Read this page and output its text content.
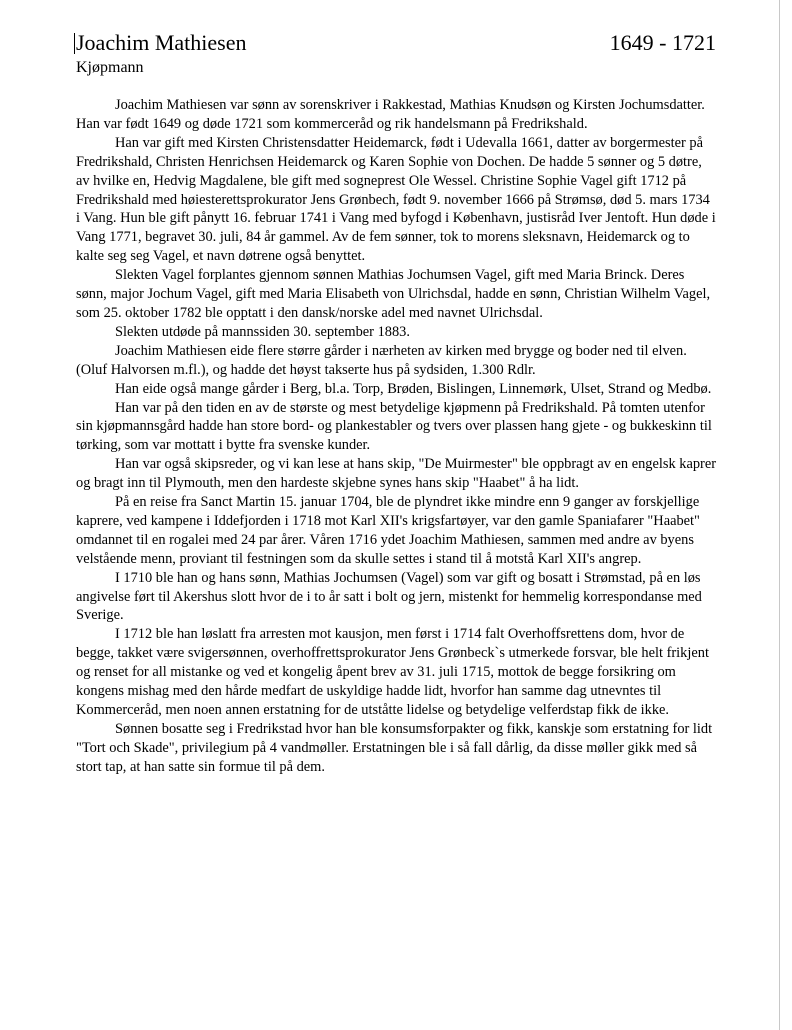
Joachim Mathiesen	1649 - 1721
Kjøpmann

Joachim Mathiesen var sønn av sorenskriver i Rakkestad, Mathias Knudsøn og Kirsten Jochumsdatter. Han var født 1649 og døde 1721 som kommerceråd og rik handelsmann på Fredrikshald.

Han var gift med Kirsten Christensdatter Heidemarck, født i Udevalla 1661, datter av borgermester på Fredrikshald, Christen Henrichsen Heidemarck og Karen Sophie von Dochen. De hadde 5 sønner og 5 døtre, av hvilke en, Hedvig Magdalene, ble gift med sogneprest Ole Wessel. Christine Sophie Vagel gift 1712 på Fredrikshald med høiesterettsprokurator Jens Grønbech, født 9. november 1666 på Strømsø, død 5. mars 1734 i Vang. Hun ble gift pånytt 16. februar 1741 i Vang med byfogd i København, justisråd Iver Jentoft. Hun døde i Vang 1771, begravet 30. juli, 84 år gammel. Av de fem sønner, tok to morens sleksnavn, Heidemarck og to kalte seg seg Vagel, et navn døtrene også benyttet.

Slekten Vagel forplantes gjennom sønnen Mathias Jochumsen Vagel, gift med Maria Brinck. Deres sønn, major Jochum Vagel, gift med Maria Elisabeth von Ulrichsdal, hadde en sønn, Christian Wilhelm Vagel, som 25. oktober 1782 ble opptatt i den dansk/norske adel med navnet Ulrichsdal.

Slekten utdøde på mannssiden 30. september 1883.

Joachim Mathiesen eide flere større gårder i nærheten av kirken med brygge og boder ned til elven. (Oluf Halvorsen m.fl.), og hadde det høyst takserte hus på sydsiden, 1.300 Rdlr.

Han eide også mange gårder i Berg, bl.a. Torp, Brøden, Bislingen, Linnemørk, Ulset, Strand og Medbø.

Han var på den tiden en av de største og mest betydelige kjøpmenn på Fredrikshald. På tomten utenfor sin kjøpmannsgård hadde han store bord- og plankestabler og tvers over plassen hang gjete - og bukkeskinn til tørking, som var mottatt i bytte fra svenske kunder.

Han var også skipsreder, og vi kan lese at hans skip, "De Muirmester" ble oppbragt av en engelsk kaprer og bragt inn til Plymouth, men den hardeste skjebne synes hans skip "Haabet" å ha lidt.

På en reise fra Sanct Martin 15. januar 1704, ble de plyndret ikke mindre enn 9 ganger av forskjellige kaprere, ved kampene i Iddefjorden i 1718 mot Karl XII's krigsfartøyer, var den gamle Spaniafarer "Haabet" omdannet til en rogalei med 24 par årer. Våren 1716 ydet Joachim Mathiesen, sammen med andre av byens velstående menn, proviant til festningen som da skulle settes i stand til å motstå Karl XII's angrep.

I 1710 ble han og hans sønn, Mathias Jochumsen (Vagel) som var gift og bosatt i Strømstad, på en løs angivelse ført til Akershus slott hvor de i to år satt i bolt og jern, mistenkt for hemmelig korrespondanse med Sverige.

I 1712 ble han løslatt fra arresten mot kausjon, men først i 1714 falt Overhoffsrettens dom, hvor de begge, takket være svigersønnen, overhoffrettsprokurator Jens Grønbeck`s utmerkede forsvar, ble helt frikjent og renset for all mistanke og ved et kongelig åpent brev av 31. juli 1715, mottok de begge forsikring om kongens mishag med den hårde medfart de uskyldige hadde lidt, hvorfor han samme dag utnevntes til Kommerceråd, men noen annen erstatning for de utståtte lidelse og betydelige velferdstap fikk de ikke.

Sønnen bosatte seg i Fredrikstad hvor han ble konsumsforpakter og fikk, kanskje som erstatning for lidt "Tort och Skade", privilegium på 4 vandmøller. Erstatningen ble i så fall dårlig, da disse møller gikk med så stort tap, at han satte sin formue til på dem.
